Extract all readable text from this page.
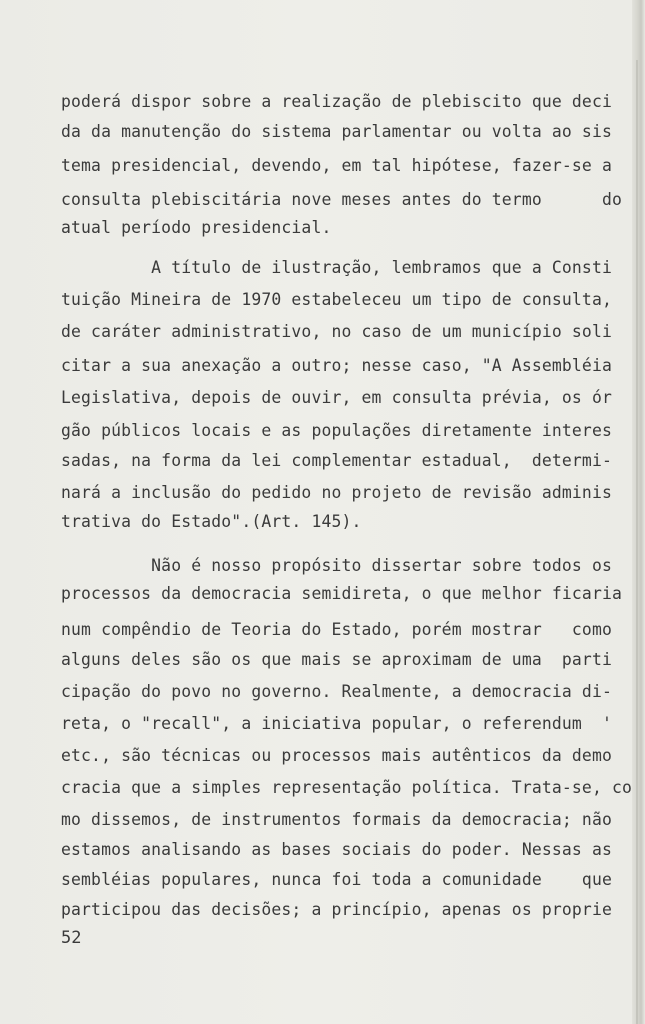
poderá dispor sobre a realização de plebiscito que deci
da da manutenção do sistema parlamentar ou volta ao sis
tema presidencial, devendo, em tal hipótese, fazer-se a
consulta plebiscitária nove meses antes do termo      do
atual período presidencial.
A título de ilustração, lembramos que a Consti
tuição Mineira de 1970 estabeleceu um tipo de consulta,
de caráter administrativo, no caso de um município soli
citar a sua anexação a outro; nesse caso, "A Assembléia
Legislativa, depois de ouvir, em consulta prévia, os ór
gão públicos locais e as populações diretamente interes
sadas, na forma da lei complementar estadual,  determi-
nará a inclusão do pedido no projeto de revisão adminis
trativa do Estado".(Art. 145).
Não é nosso propósito dissertar sobre todos os
processos da democracia semidireta, o que melhor ficaria
num compêndio de Teoria do Estado, porém mostrar   como
alguns deles são os que mais se aproximam de uma  parti
cipação do povo no governo. Realmente, a democracia di-
reta, o "recall", a iniciativa popular, o referendum  '
etc., são técnicas ou processos mais autênticos da demo
cracia que a simples representação política. Trata-se, co
mo dissemos, de instrumentos formais da democracia; não
estamos analisando as bases sociais do poder. Nessas as
sembléias populares, nunca foi toda a comunidade    que
participou das decisões; a princípio, apenas os proprie
52
